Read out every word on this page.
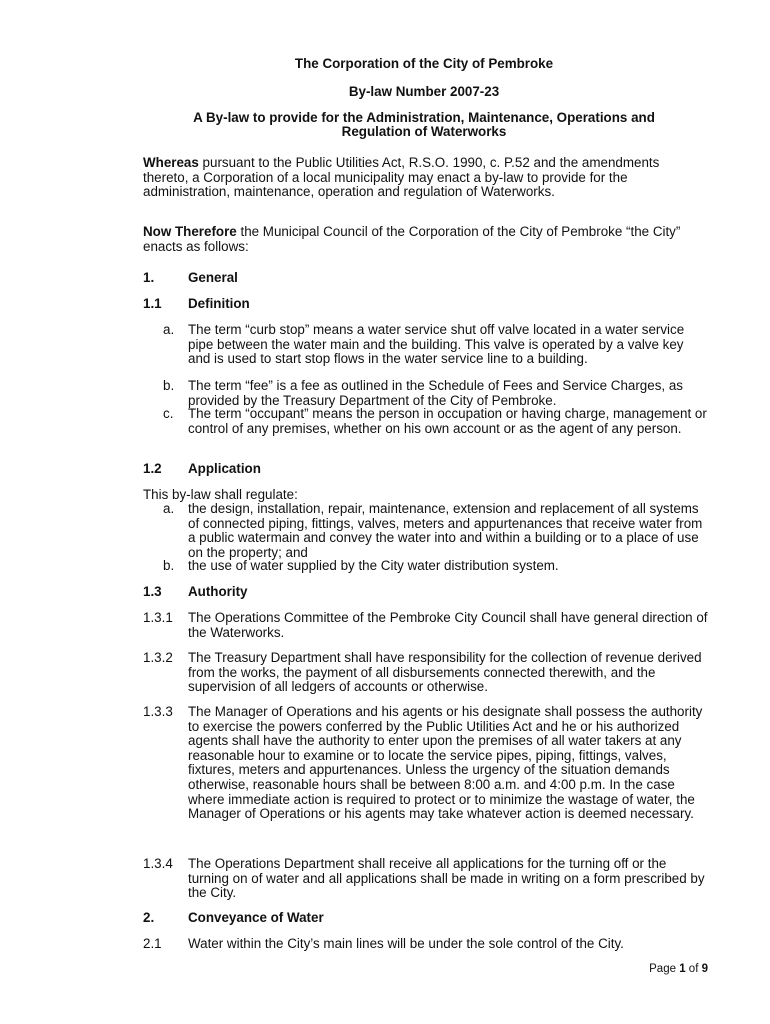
The Corporation of the City of Pembroke
By-law Number 2007-23
A By-law to provide for the Administration, Maintenance, Operations and
Regulation of Waterworks
Whereas pursuant to the Public Utilities Act, R.S.O. 1990, c. P.52 and the amendments thereto, a Corporation of a local municipality may enact a by-law to provide for the administration, maintenance, operation and regulation of Waterworks.
Now Therefore the Municipal Council of the Corporation of the City of Pembroke “the City” enacts as follows:
1.	General
1.1 Definition
a. The term “curb stop” means a water service shut off valve located in a water service pipe between the water main and the building. This valve is operated by a valve key and is used to start stop flows in the water service line to a building.
b. The term “fee” is a fee as outlined in the Schedule of Fees and Service Charges, as provided by the Treasury Department of the City of Pembroke.
c. The term “occupant” means the person in occupation or having charge, management or control of any premises, whether on his own account or as the agent of any person.
1.2 Application
This by-law shall regulate:
a. the design, installation, repair, maintenance, extension and replacement of all systems of connected piping, fittings, valves, meters and appurtenances that receive water from a public watermain and convey the water into and within a building or to a place of use on the property; and
b. the use of water supplied by the City water distribution system.
1.3 Authority
1.3.1 The Operations Committee of the Pembroke City Council shall have general direction of the Waterworks.
1.3.2 The Treasury Department shall have responsibility for the collection of revenue derived from the works, the payment of all disbursements connected therewith, and the supervision of all ledgers of accounts or otherwise.
1.3.3 The Manager of Operations and his agents or his designate shall possess the authority to exercise the powers conferred by the Public Utilities Act and he or his authorized agents shall have the authority to enter upon the premises of all water takers at any reasonable hour to examine or to locate the service pipes, piping, fittings, valves, fixtures, meters and appurtenances. Unless the urgency of the situation demands otherwise, reasonable hours shall be between 8:00 a.m. and 4:00 p.m. In the case where immediate action is required to protect or to minimize the wastage of water, the Manager of Operations or his agents may take whatever action is deemed necessary.
1.3.4 The Operations Department shall receive all applications for the turning off or the turning on of water and all applications shall be made in writing on a form prescribed by the City.
2.	Conveyance of Water
2.1 Water within the City’s main lines will be under the sole control of the City.
Page 1 of 9
